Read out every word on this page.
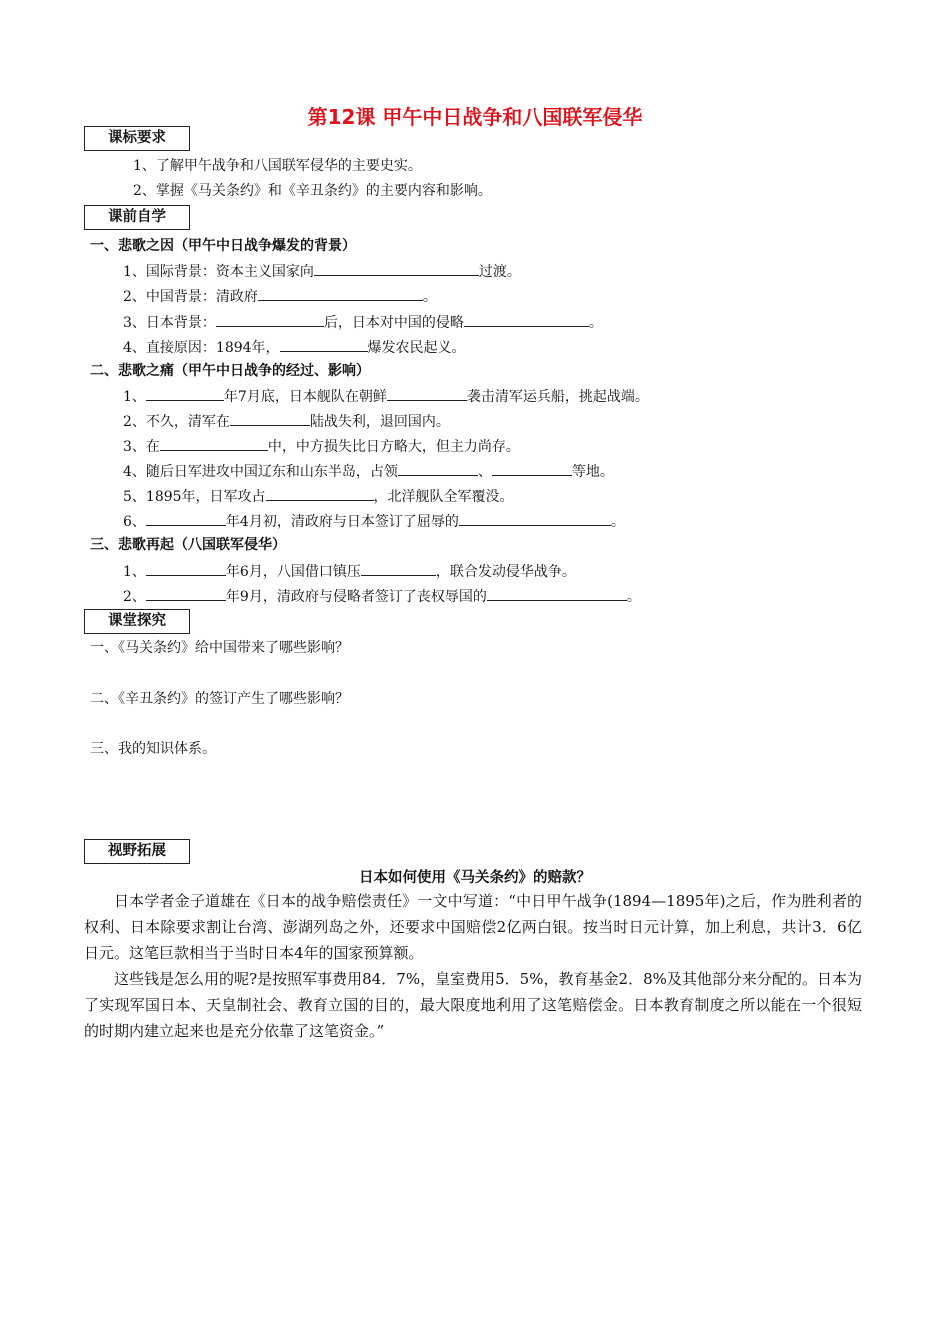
第12课 甲午中日战争和八国联军侵华
课标要求
1、了解甲午战争和八国联军侵华的主要史实。
2、掌握《马关条约》和《辛丑条约》的主要内容和影响。
课前自学
一、悲歌之因（甲午中日战争爆发的背景）
1、国际背景：资本主义国家向	过渡。
2、中国背景：清政府	。
3、日本背景：	后，日本对中国的侵略	。
4、直接原因：1894年，	爆发农民起义。
二、悲歌之痛（甲午中日战争的经过、影响）
1、	年7月底，日本舰队在朝鲜	袭击清军运兵船，挑起战端。
2、不久，清军在	陆战失利，退回国内。
3、在	中，中方损失比日方略大，但主力尚存。
4、随后日军进攻中国辽东和山东半岛，占领	、	等地。
5、1895年，日军攻占	，北洋舰队全军覆没。
6、	年4月初，清政府与日本签订了屈辱的	。
三、悲歌再起（八国联军侵华）
1、	年6月，八国借口镇压	，联合发动侵华战争。
2、	年9月，清政府与侵略者签订了丧权辱国的	。
课堂探究
一、《马关条约》给中国带来了哪些影响？
二、《辛丑条约》的签订产生了哪些影响？
三、我的知识体系。
视野拓展
日本如何使用《马关条约》的赔款？

日本学者金子道雄在《日本的战争赔偿责任》一文中写道：“中日甲午战争(1894—1895年)之后，作为胜利者的权利、日本除要求割让台湾、澎湖列岛之外，还要求中国赔偿2亿两白银。按当时日元计算，加上利息，共计3．6亿日元。这笔巨款相当于当时日本4年的国家预算额。

这些钱是怎么用的呢?是按照军事费用84．7%，皇室费用5．5%，教育基金2．8%及其他部分来分配的。日本为了实现军国日本、天皇制社会、教育立国的目的，最大限度地利用了这笔赔偿金。日本教育制度之所以能在一个很短的时期内建立起来也是充分依靠了这笔资金。”
